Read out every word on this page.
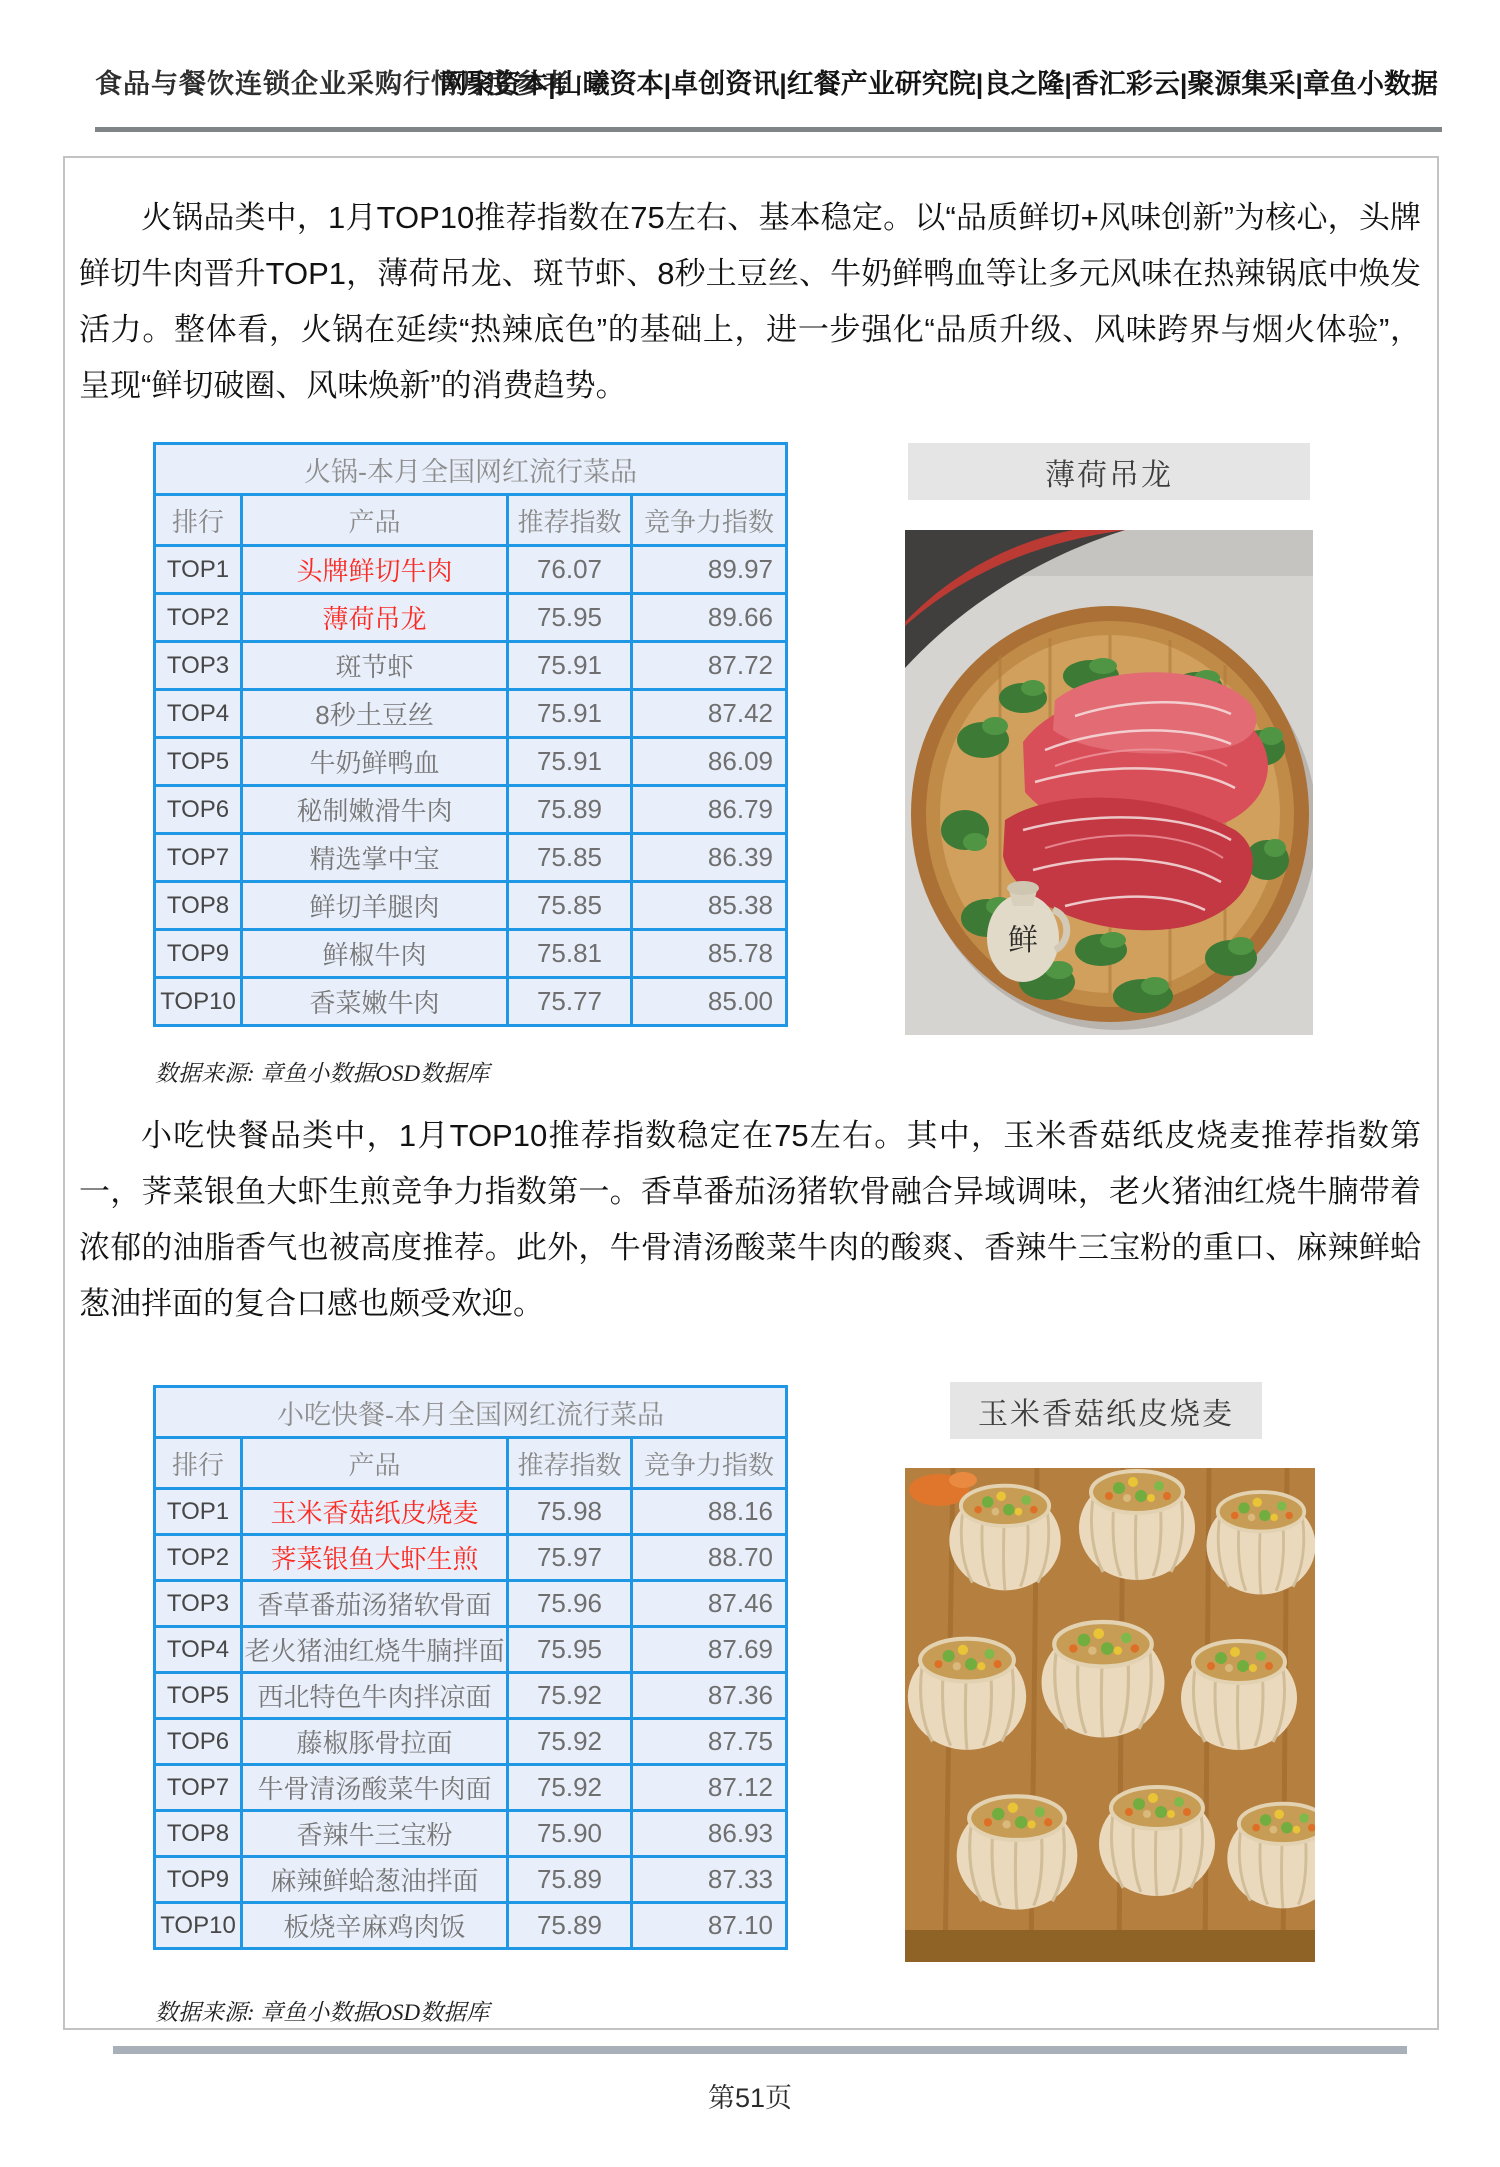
食品与餐饮连锁企业采购行情月度参考
网聚资本|山曦资本|卓创资讯|红餐产业研究院|良之隆|香汇彩云|聚源集采|章鱼小数据

火锅品类中，1月TOP10推荐指数在75左右、基本稳定。以“品质鲜切+风味创新”为核心，头牌鲜切牛肉晋升TOP1，薄荷吊龙、斑节虾、8秒土豆丝、牛奶鲜鸭血等让多元风味在热辣锅底中焕发活力。整体看，火锅在延续“热辣底色”的基础上，进一步强化“品质升级、风味跨界与烟火体验”，呈现“鲜切破圈、风味焕新”的消费趋势。

火锅-本月全国网红流行菜品			
排行	产品	推荐指数	竞争力指数
TOP1	头牌鲜切牛肉	76.07	89.97
TOP2	薄荷吊龙	75.95	89.66
TOP3	斑节虾	75.91	87.72
TOP4	8秒土豆丝	75.91	87.42
TOP5	牛奶鲜鸭血	75.91	86.09
TOP6	秘制嫩滑牛肉	75.89	86.79
TOP7	精选掌中宝	75.85	86.39
TOP8	鲜切羊腿肉	75.85	85.38
TOP9	鲜椒牛肉	75.81	85.78
TOP10	香菜嫩牛肉	75.77	85.00
薄荷吊龙
鲜
数据来源: 章鱼小数据OSD数据库

小吃快餐品类中，1月TOP10推荐指数稳定在75左右。其中，玉米香菇纸皮烧麦推荐指数第一，荠菜银鱼大虾生煎竞争力指数第一。香草番茄汤猪软骨融合异域调味，老火猪油红烧牛腩带着浓郁的油脂香气也被高度推荐。此外，牛骨清汤酸菜牛肉的酸爽、香辣牛三宝粉的重口、麻辣鲜蛤葱油拌面的复合口感也颇受欢迎。

小吃快餐-本月全国网红流行菜品			
排行	产品	推荐指数	竞争力指数
TOP1	玉米香菇纸皮烧麦	75.98	88.16
TOP2	荠菜银鱼大虾生煎	75.97	88.70
TOP3	香草番茄汤猪软骨面	75.96	87.46
TOP4	老火猪油红烧牛腩拌面	75.95	87.69
TOP5	西北特色牛肉拌凉面	75.92	87.36
TOP6	藤椒豚骨拉面	75.92	87.75
TOP7	牛骨清汤酸菜牛肉面	75.92	87.12
TOP8	香辣牛三宝粉	75.90	86.93
TOP9	麻辣鲜蛤葱油拌面	75.89	87.33
TOP10	板烧辛麻鸡肉饭	75.89	87.10
玉米香菇纸皮烧麦
数据来源: 章鱼小数据OSD数据库
第51页
